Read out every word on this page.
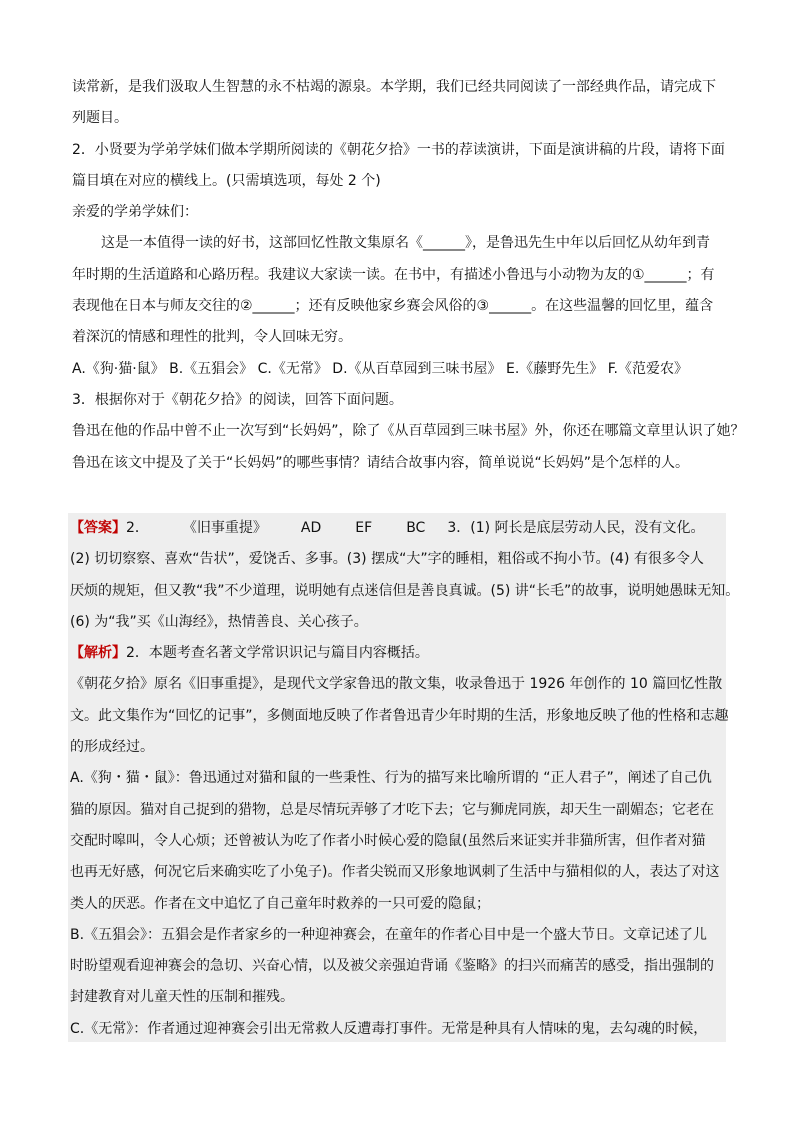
读常新，是我们汲取人生智慧的永不枯竭的源泉。本学期，我们已经共同阅读了一部经典作品，请完成下
列题目。
2．小贤要为学弟学妹们做本学期所阅读的《朝花夕拾》一书的荐读演讲，下面是演讲稿的片段，请将下面
篇目填在对应的横线上。(只需填选项，每处 2 个)
亲爱的学弟学妹们：
这是一本值得一读的好书，这部回忆性散文集原名《______》，是鲁迅先生中年以后回忆从幼年到青
年时期的生活道路和心路历程。我建议大家读一读。在书中，有描述小鲁迅与小动物为友的①______；有
表现他在日本与师友交往的②______；还有反映他家乡赛会风俗的③______。在这些温馨的回忆里，蕴含
着深沉的情感和理性的批判，令人回味无穷。
A.《狗·猫·鼠》 B.《五猖会》 C.《无常》 D.《从百草园到三味书屋》 E.《藤野先生》 F.《范爱农》
3．根据你对于《朝花夕拾》的阅读，回答下面问题。
鲁迅在他的作品中曾不止一次写到“长妈妈”，除了《从百草园到三味书屋》外，你还在哪篇文章里认识了她？
鲁迅在该文中提及了关于“长妈妈”的哪些事情？请结合故事内容，简单说说“长妈妈”是个怎样的人。
【答案】2． 《旧事重提》 AD EF BC 3．(1) 阿长是底层劳动人民，没有文化。
(2) 切切察察、喜欢“告状”，爱饶舌、多事。(3) 摆成“大”字的睡相，粗俗或不拘小节。(4) 有很多令人
厌烦的规矩，但又教“我”不少道理，说明她有点迷信但是善良真诚。(5) 讲“长毛”的故事，说明她愚昧无知。
(6) 为“我”买《山海经》，热情善良、关心孩子。
【解析】2．本题考查名著文学常识识记与篇目内容概括。
《朝花夕拾》原名《旧事重提》，是现代文学家鲁迅的散文集，收录鲁迅于 1926 年创作的 10 篇回忆性散
文。此文集作为“回忆的记事”，多侧面地反映了作者鲁迅青少年时期的生活，形象地反映了他的性格和志趣
的形成经过。
A.《狗・猫・鼠》：鲁迅通过对猫和鼠的一些秉性、行为的描写来比喻所谓的 “正人君子”，阐述了自己仇
猫的原因。猫对自己捉到的猎物，总是尽情玩弄够了才吃下去；它与狮虎同族，却天生一副媚态；它老在
交配时嗥叫，令人心烦；还曾被认为吃了作者小时候心爱的隐鼠(虽然后来证实并非猫所害，但作者对猫
也再无好感，何况它后来确实吃了小兔子)。作者尖锐而又形象地讽刺了生活中与猫相似的人，表达了对这
类人的厌恶。作者在文中追忆了自己童年时救养的一只可爱的隐鼠；
B.《五猖会》：五猖会是作者家乡的一种迎神赛会，在童年的作者心目中是一个盛大节日。文章记述了儿
时盼望观看迎神赛会的急切、兴奋心情，以及被父亲强迫背诵《鉴略》的扫兴而痛苦的感受，指出强制的
封建教育对儿童天性的压制和摧残。
C.《无常》：作者通过迎神赛会引出无常救人反遭毒打事件。无常是种具有人情味的鬼，去勾魂的时候，
